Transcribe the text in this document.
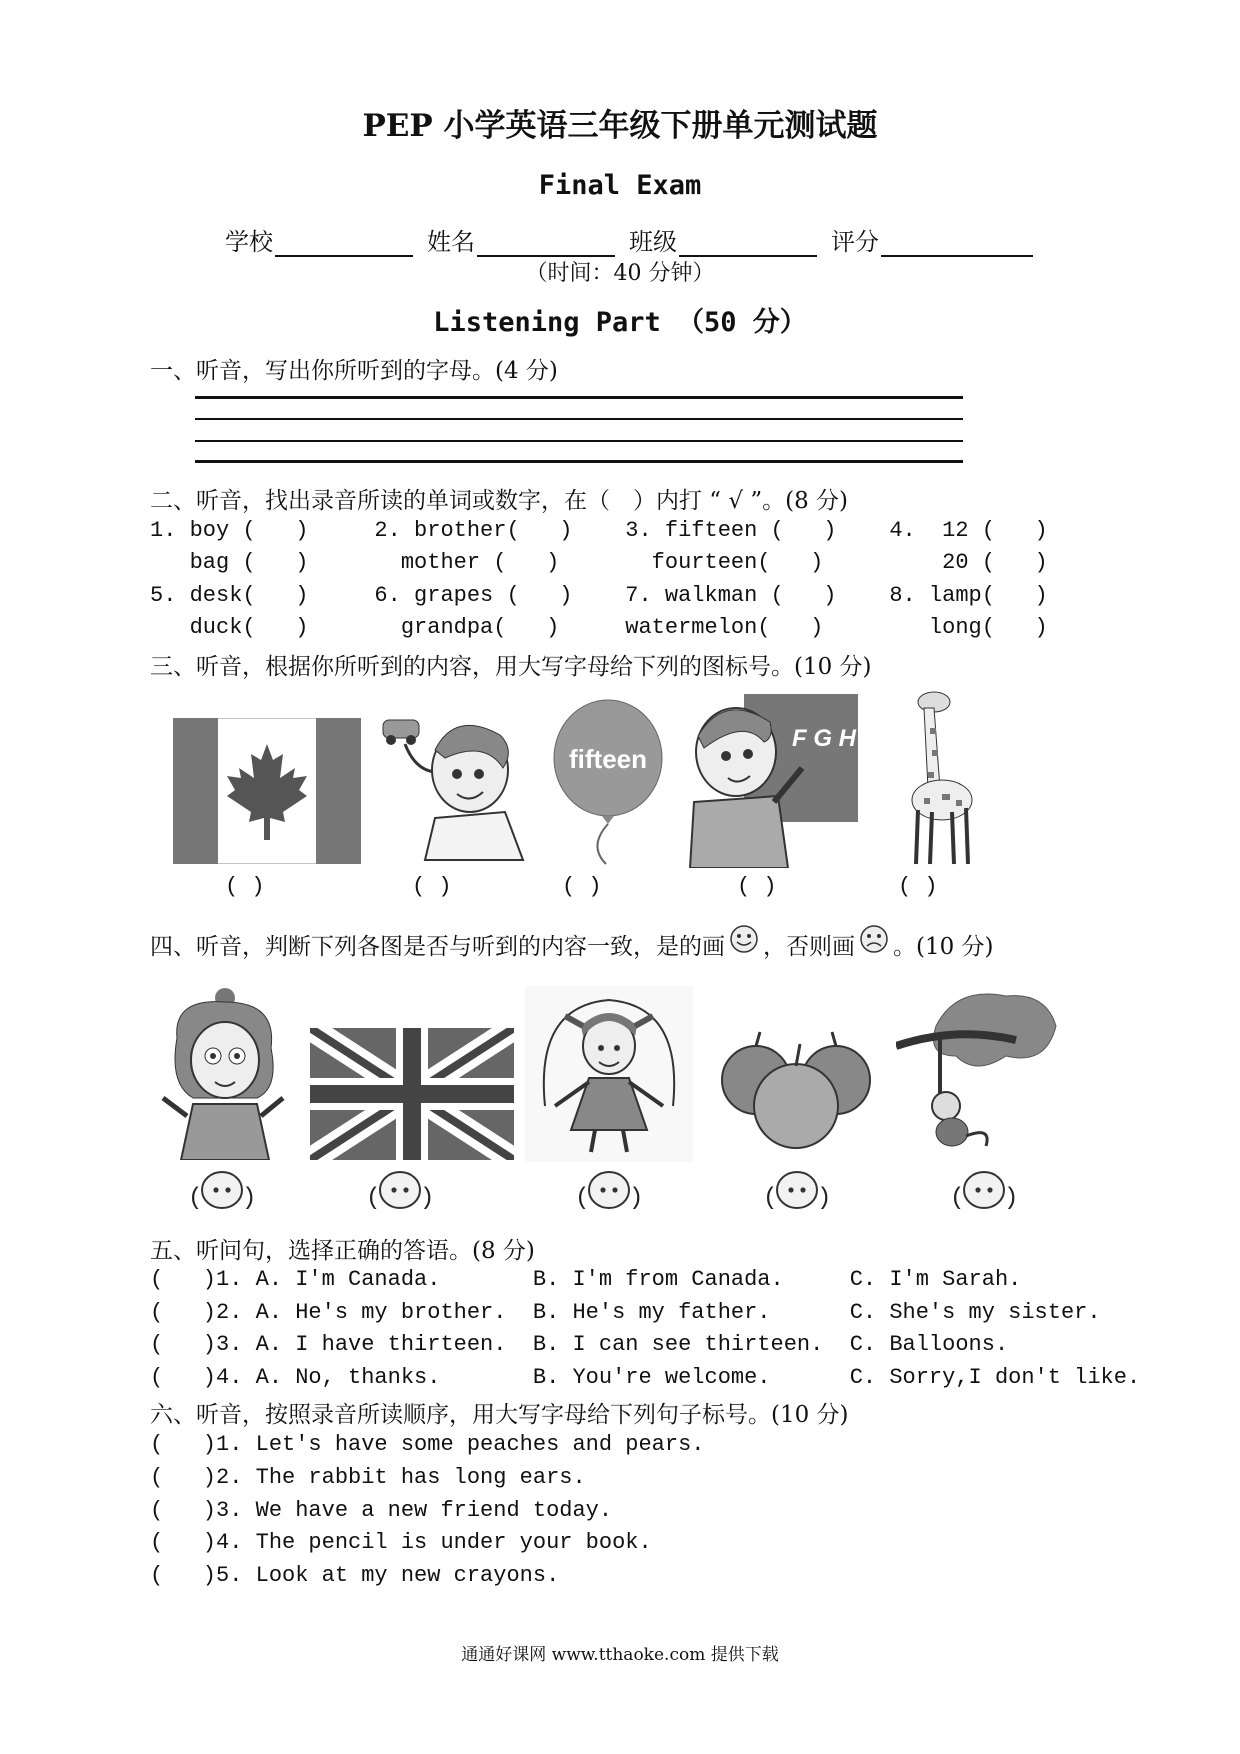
PEP 小学英语三年级下册单元测试题
Final Exam
学校	姓名	班级	评分
（时间：40 分钟）
Listening Part （50 分）
一、听音，写出你所听到的字母。(4 分)
二、听音，找出录音所读的单词或数字，在（　）内打 “ √ ”。(8 分)
1. boy (   )     2. brother(   )    3. fifteen (   )    4.  12 (   )
bag (   )       mother (   )       fourteen(   )         20 (   )
5. desk(   )     6. grapes (   )    7. walkman (   )    8. lamp(   )
duck(   )       grandpa(   )     watermelon(   )        long(   )
三、听音，根据你所听到的内容，用大写字母给下列的图标号。(10 分)
fifteen
F G H
( )	( )	( )	( )	( )
四、听音，判断下列各图是否与听到的内容一致，是的画 ，否则画 。(10 分)
( )	( )	( )	( )	( )
五、听问句，选择正确的答语。(8 分)
(   )1. A. I'm Canada.       B. I'm from Canada.     C. I'm Sarah.
(   )2. A. He's my brother.  B. He's my father.      C. She's my sister.
(   )3. A. I have thirteen.  B. I can see thirteen.  C. Balloons.
(   )4. A. No, thanks.       B. You're welcome.      C. Sorry,I don't like.
六、听音，按照录音所读顺序，用大写字母给下列句子标号。(10 分)
(   )1. Let's have some peaches and pears.
(   )2. The rabbit has long ears.
(   )3. We have a new friend today.
(   )4. The pencil is under your book.
(   )5. Look at my new crayons.
通通好课网 www.tthaoke.com 提供下载
